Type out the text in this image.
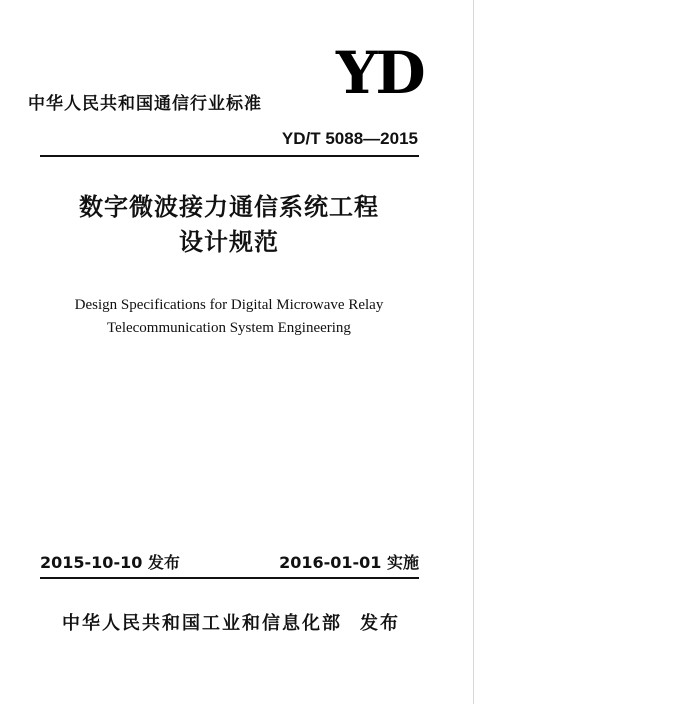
YD
中华人民共和国通信行业标准
YD/T 5088—2015
数字微波接力通信系统工程
设计规范
Design Specifications for Digital Microwave Relay
Telecommunication System Engineering
2015-10-10 发布	2016-01-01 实施
中华人民共和国工业和信息化部 发布
